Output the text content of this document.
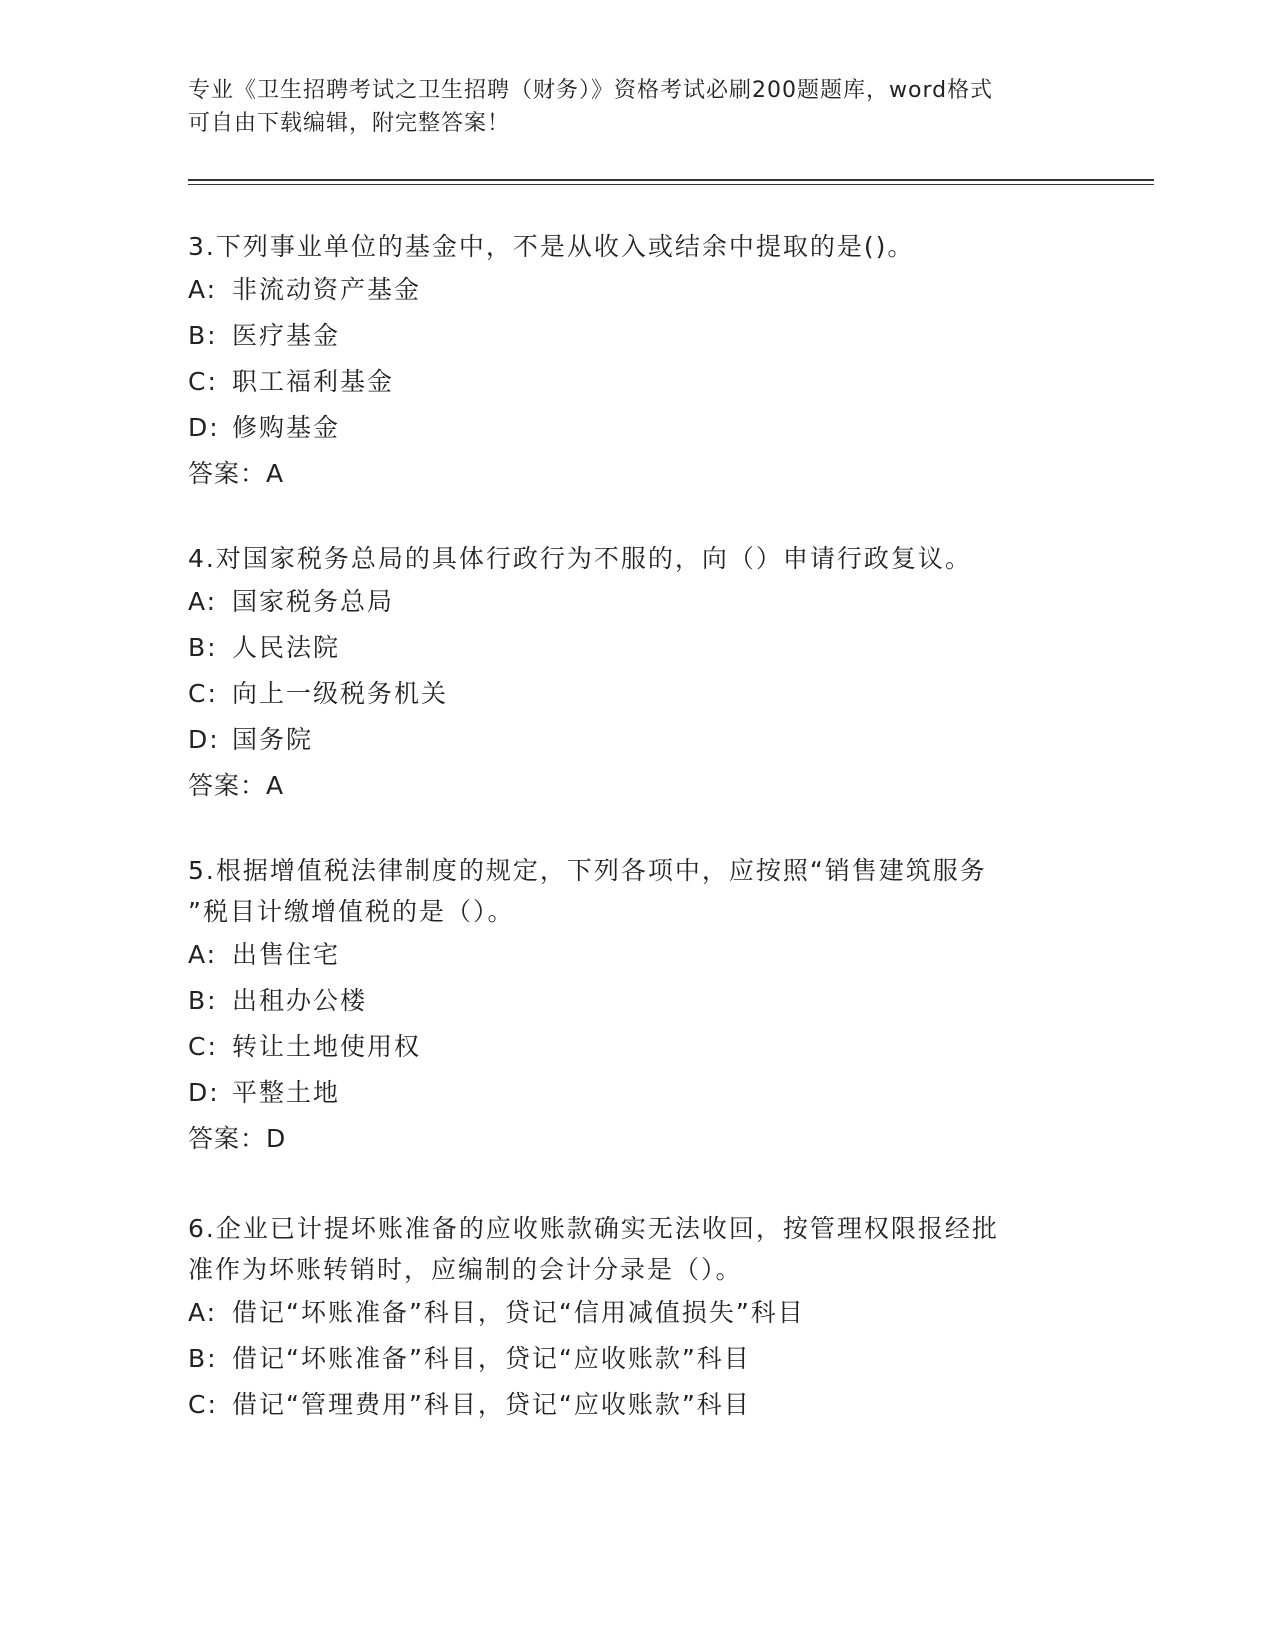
专业《卫生招聘考试之卫生招聘（财务）》资格考试必刷200题题库，word格式
可自由下载编辑，附完整答案！

3.下列事业单位的基金中，不是从收入或结余中提取的是()。

A: 非流动资产基金

B: 医疗基金

C: 职工福利基金

D: 修购基金

答案：A

4.对国家税务总局的具体行政行为不服的，向（）申请行政复议。

A: 国家税务总局

B: 人民法院

C: 向上一级税务机关

D: 国务院

答案：A

5.根据增值税法律制度的规定，下列各项中，应按照“销售建筑服务

”税目计缴增值税的是（）。

A: 出售住宅

B: 出租办公楼

C: 转让土地使用权

D: 平整土地

答案：D

6.企业已计提坏账准备的应收账款确实无法收回，按管理权限报经批

准作为坏账转销时，应编制的会计分录是（）。

A: 借记“坏账准备”科目，贷记“信用减值损失”科目

B: 借记“坏账准备”科目，贷记“应收账款”科目

C: 借记“管理费用”科目，贷记“应收账款”科目
